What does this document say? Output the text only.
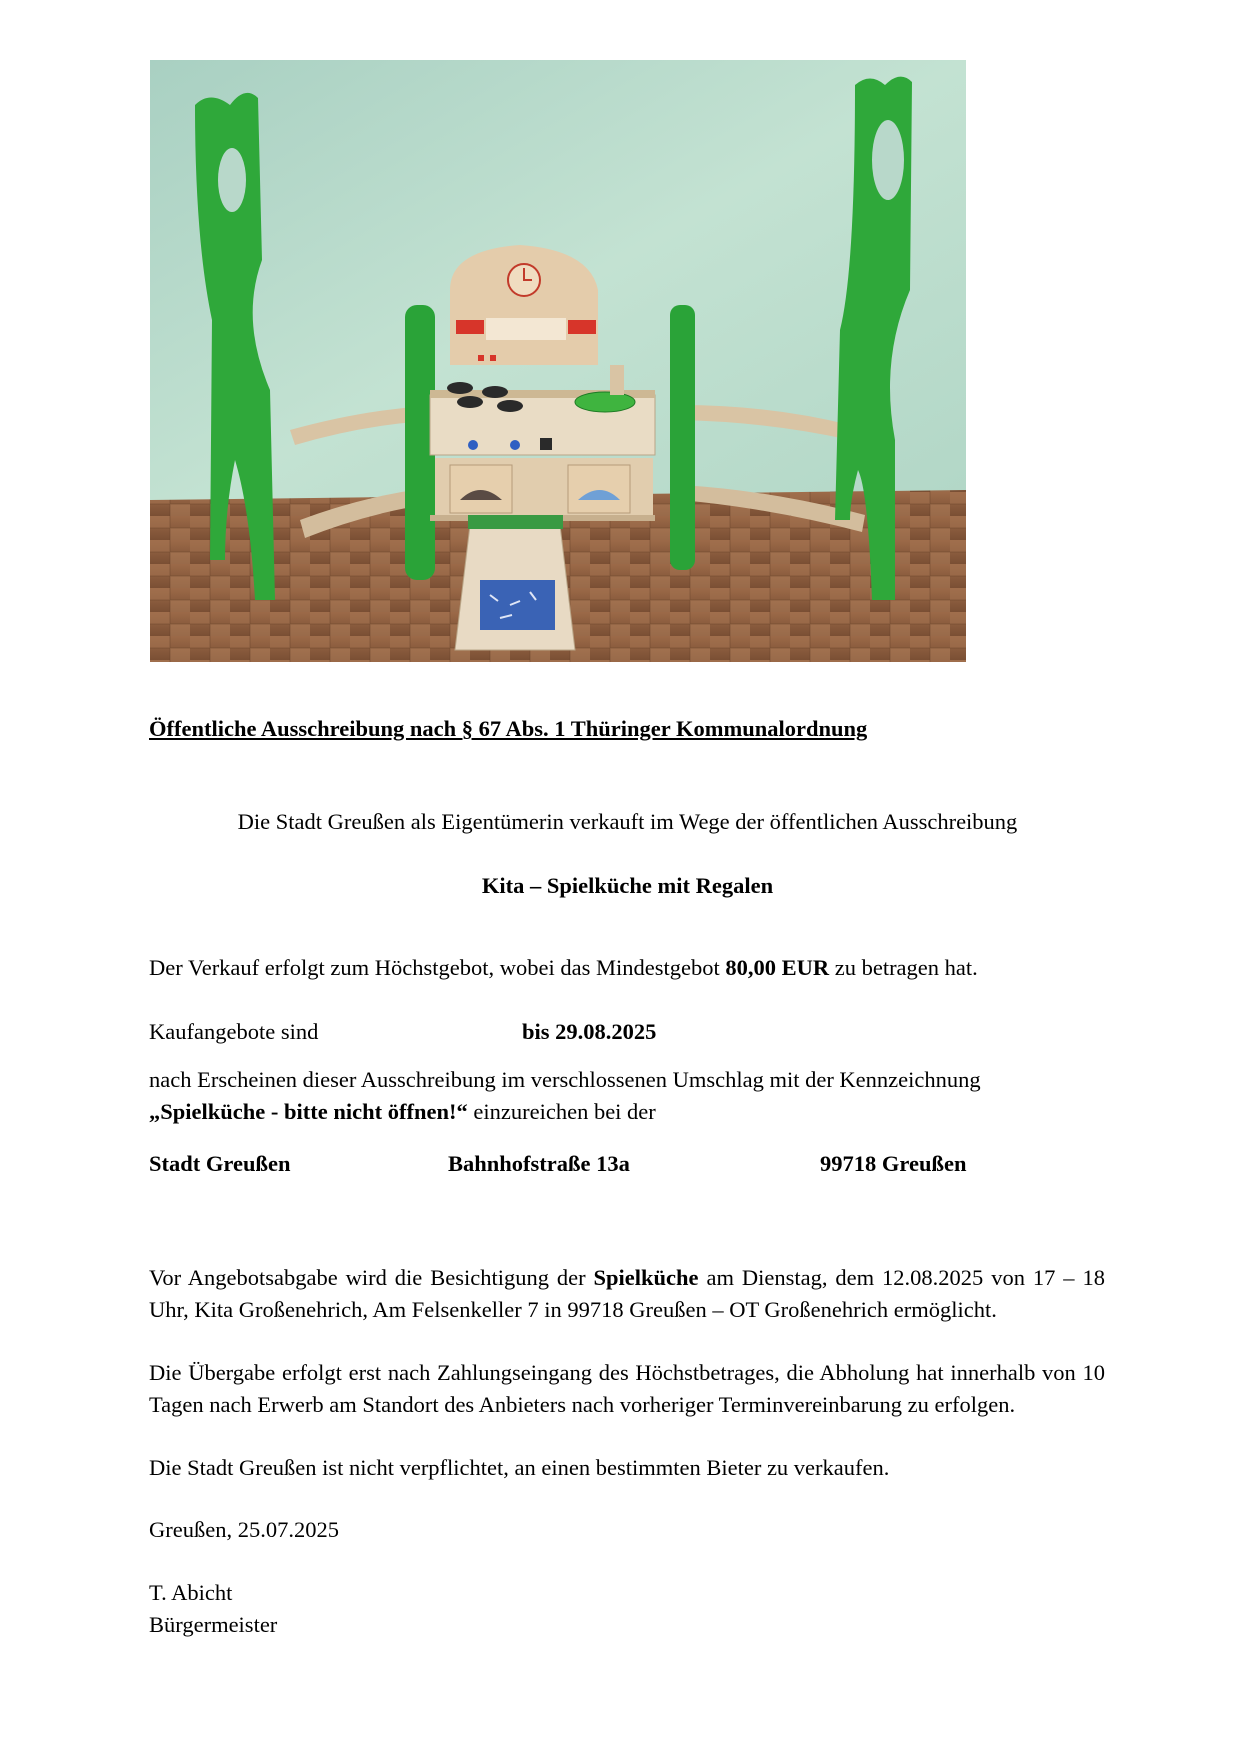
Öffentliche Ausschreibung nach § 67 Abs. 1 Thüringer Kommunalordnung
Die Stadt Greußen als Eigentümerin verkauft im Wege der öffentlichen Ausschreibung
Kita – Spielküche mit Regalen
Der Verkauf erfolgt zum Höchstgebot, wobei das Mindestgebot 80,00 EUR zu betragen hat.
Kaufangebote sind	bis 29.08.2025
nach Erscheinen dieser Ausschreibung im verschlossenen Umschlag mit der Kennzeichnung
„Spielküche - bitte nicht öffnen!“ einzureichen bei der
Stadt Greußen	Bahnhofstraße 13a	99718 Greußen
Vor Angebotsabgabe wird die Besichtigung der Spielküche am Dienstag, dem 12.08.2025 von 17 – 18 Uhr, Kita Großenehrich, Am Felsenkeller 7 in 99718 Greußen – OT Großenehrich ermöglicht.
Die Übergabe erfolgt erst nach Zahlungseingang des Höchstbetrages, die Abholung hat innerhalb von 10 Tagen nach Erwerb am Standort des Anbieters nach vorheriger Terminvereinbarung zu erfolgen.
Die Stadt Greußen ist nicht verpflichtet, an einen bestimmten Bieter zu verkaufen.
Greußen, 25.07.2025
T. Abicht
Bürgermeister
